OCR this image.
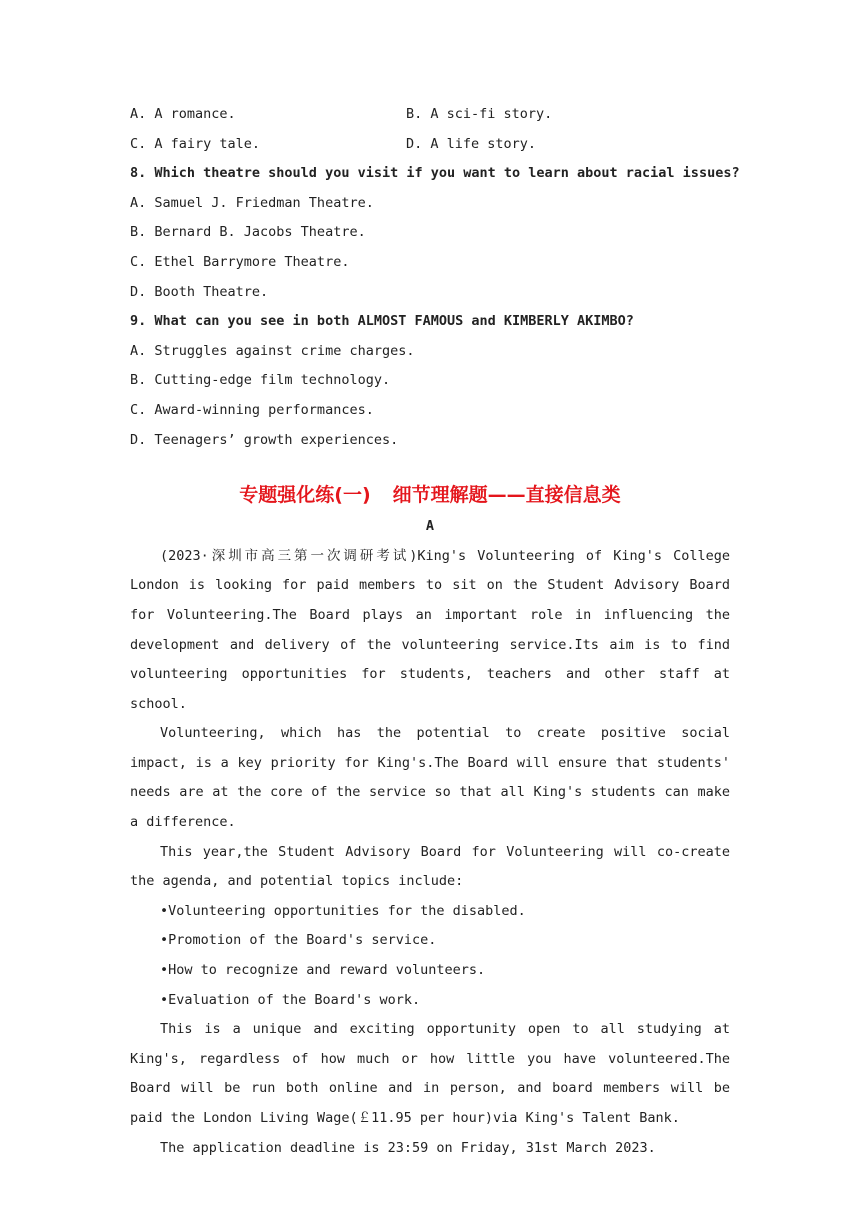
A. A romance.	B. A sci-fi story.
C. A fairy tale.	D. A life story.
8. Which theatre should you visit if you want to learn about racial issues?
A. Samuel J. Friedman Theatre.
B. Bernard B. Jacobs Theatre.
C. Ethel Barrymore Theatre.
D. Booth Theatre.
9. What can you see in both ALMOST FAMOUS and KIMBERLY AKIMBO?
A. Struggles against crime charges.
B. Cutting-edge film technology.
C. Award-winning performances.
D. Teenagers’ growth experiences.
专题强化练(一) 细节理解题——直接信息类
A

(2023·深圳市高三第一次调研考试)King's Volunteering of King's College London is looking for paid members to sit on the Student Advisory Board for Volunteering.The Board plays an important role in influencing the development and delivery of the volunteering service.Its aim is to find volunteering opportunities for students, teachers and other staff at school.

Volunteering, which has the potential to create positive social impact, is a key priority for King's.The Board will ensure that students' needs are at the core of the service so that all King's students can make a difference.

This year,the Student Advisory Board for Volunteering will co-create the agenda, and potential topics include:

•Volunteering opportunities for the disabled.
•Promotion of the Board's service.
•How to recognize and reward volunteers.
•Evaluation of the Board's work.

This is a unique and exciting opportunity open to all studying at King's, regardless of how much or how little you have volunteered.The Board will be run both online and in person, and board members will be paid the London Living Wage(￡11.95 per hour)via King's Talent Bank.

The application deadline is 23:59 on Friday, 31st March 2023.
